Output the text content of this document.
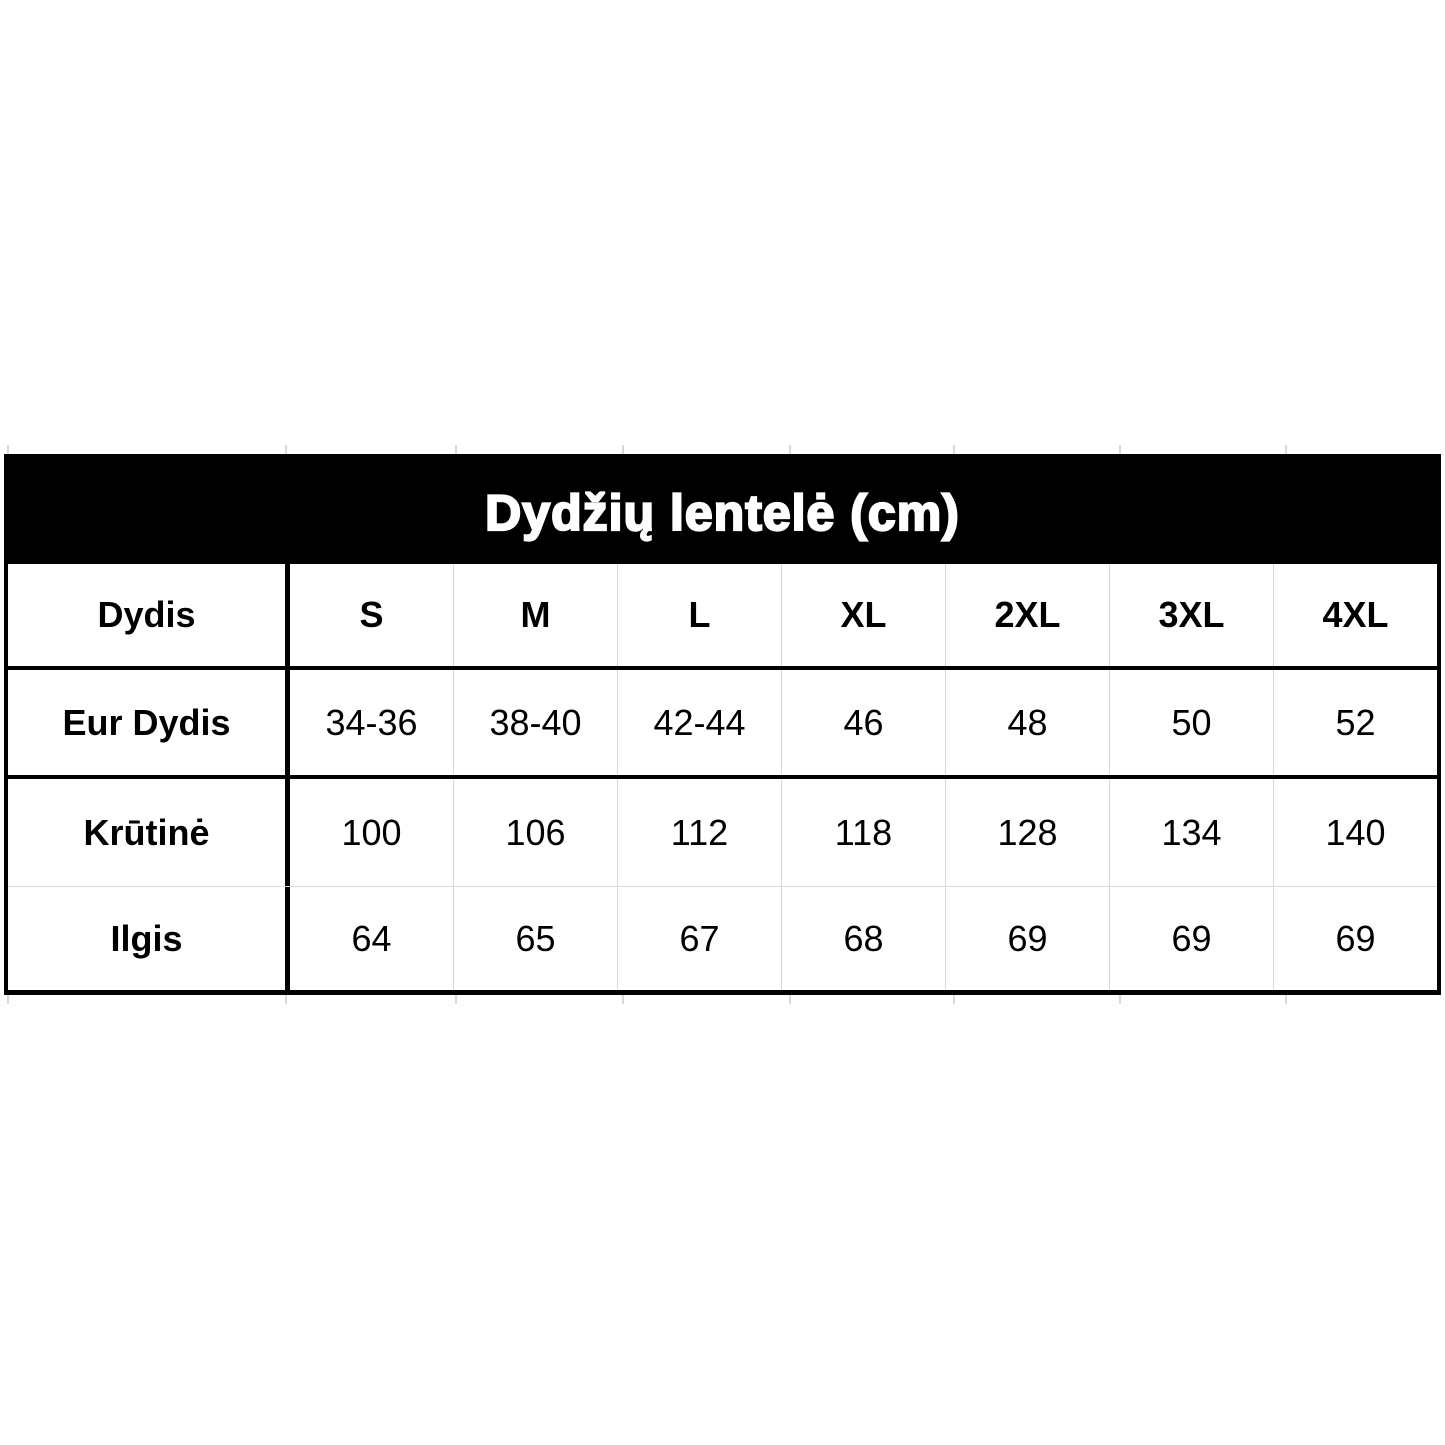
Dydžių lentelė (cm)
Dydis	S	M	L	XL	2XL	3XL	4XL
Eur Dydis	34-36	38-40	42-44	46	48	50	52
Krūtinė	100	106	112	118	128	134	140
Ilgis	64	65	67	68	69	69	69
